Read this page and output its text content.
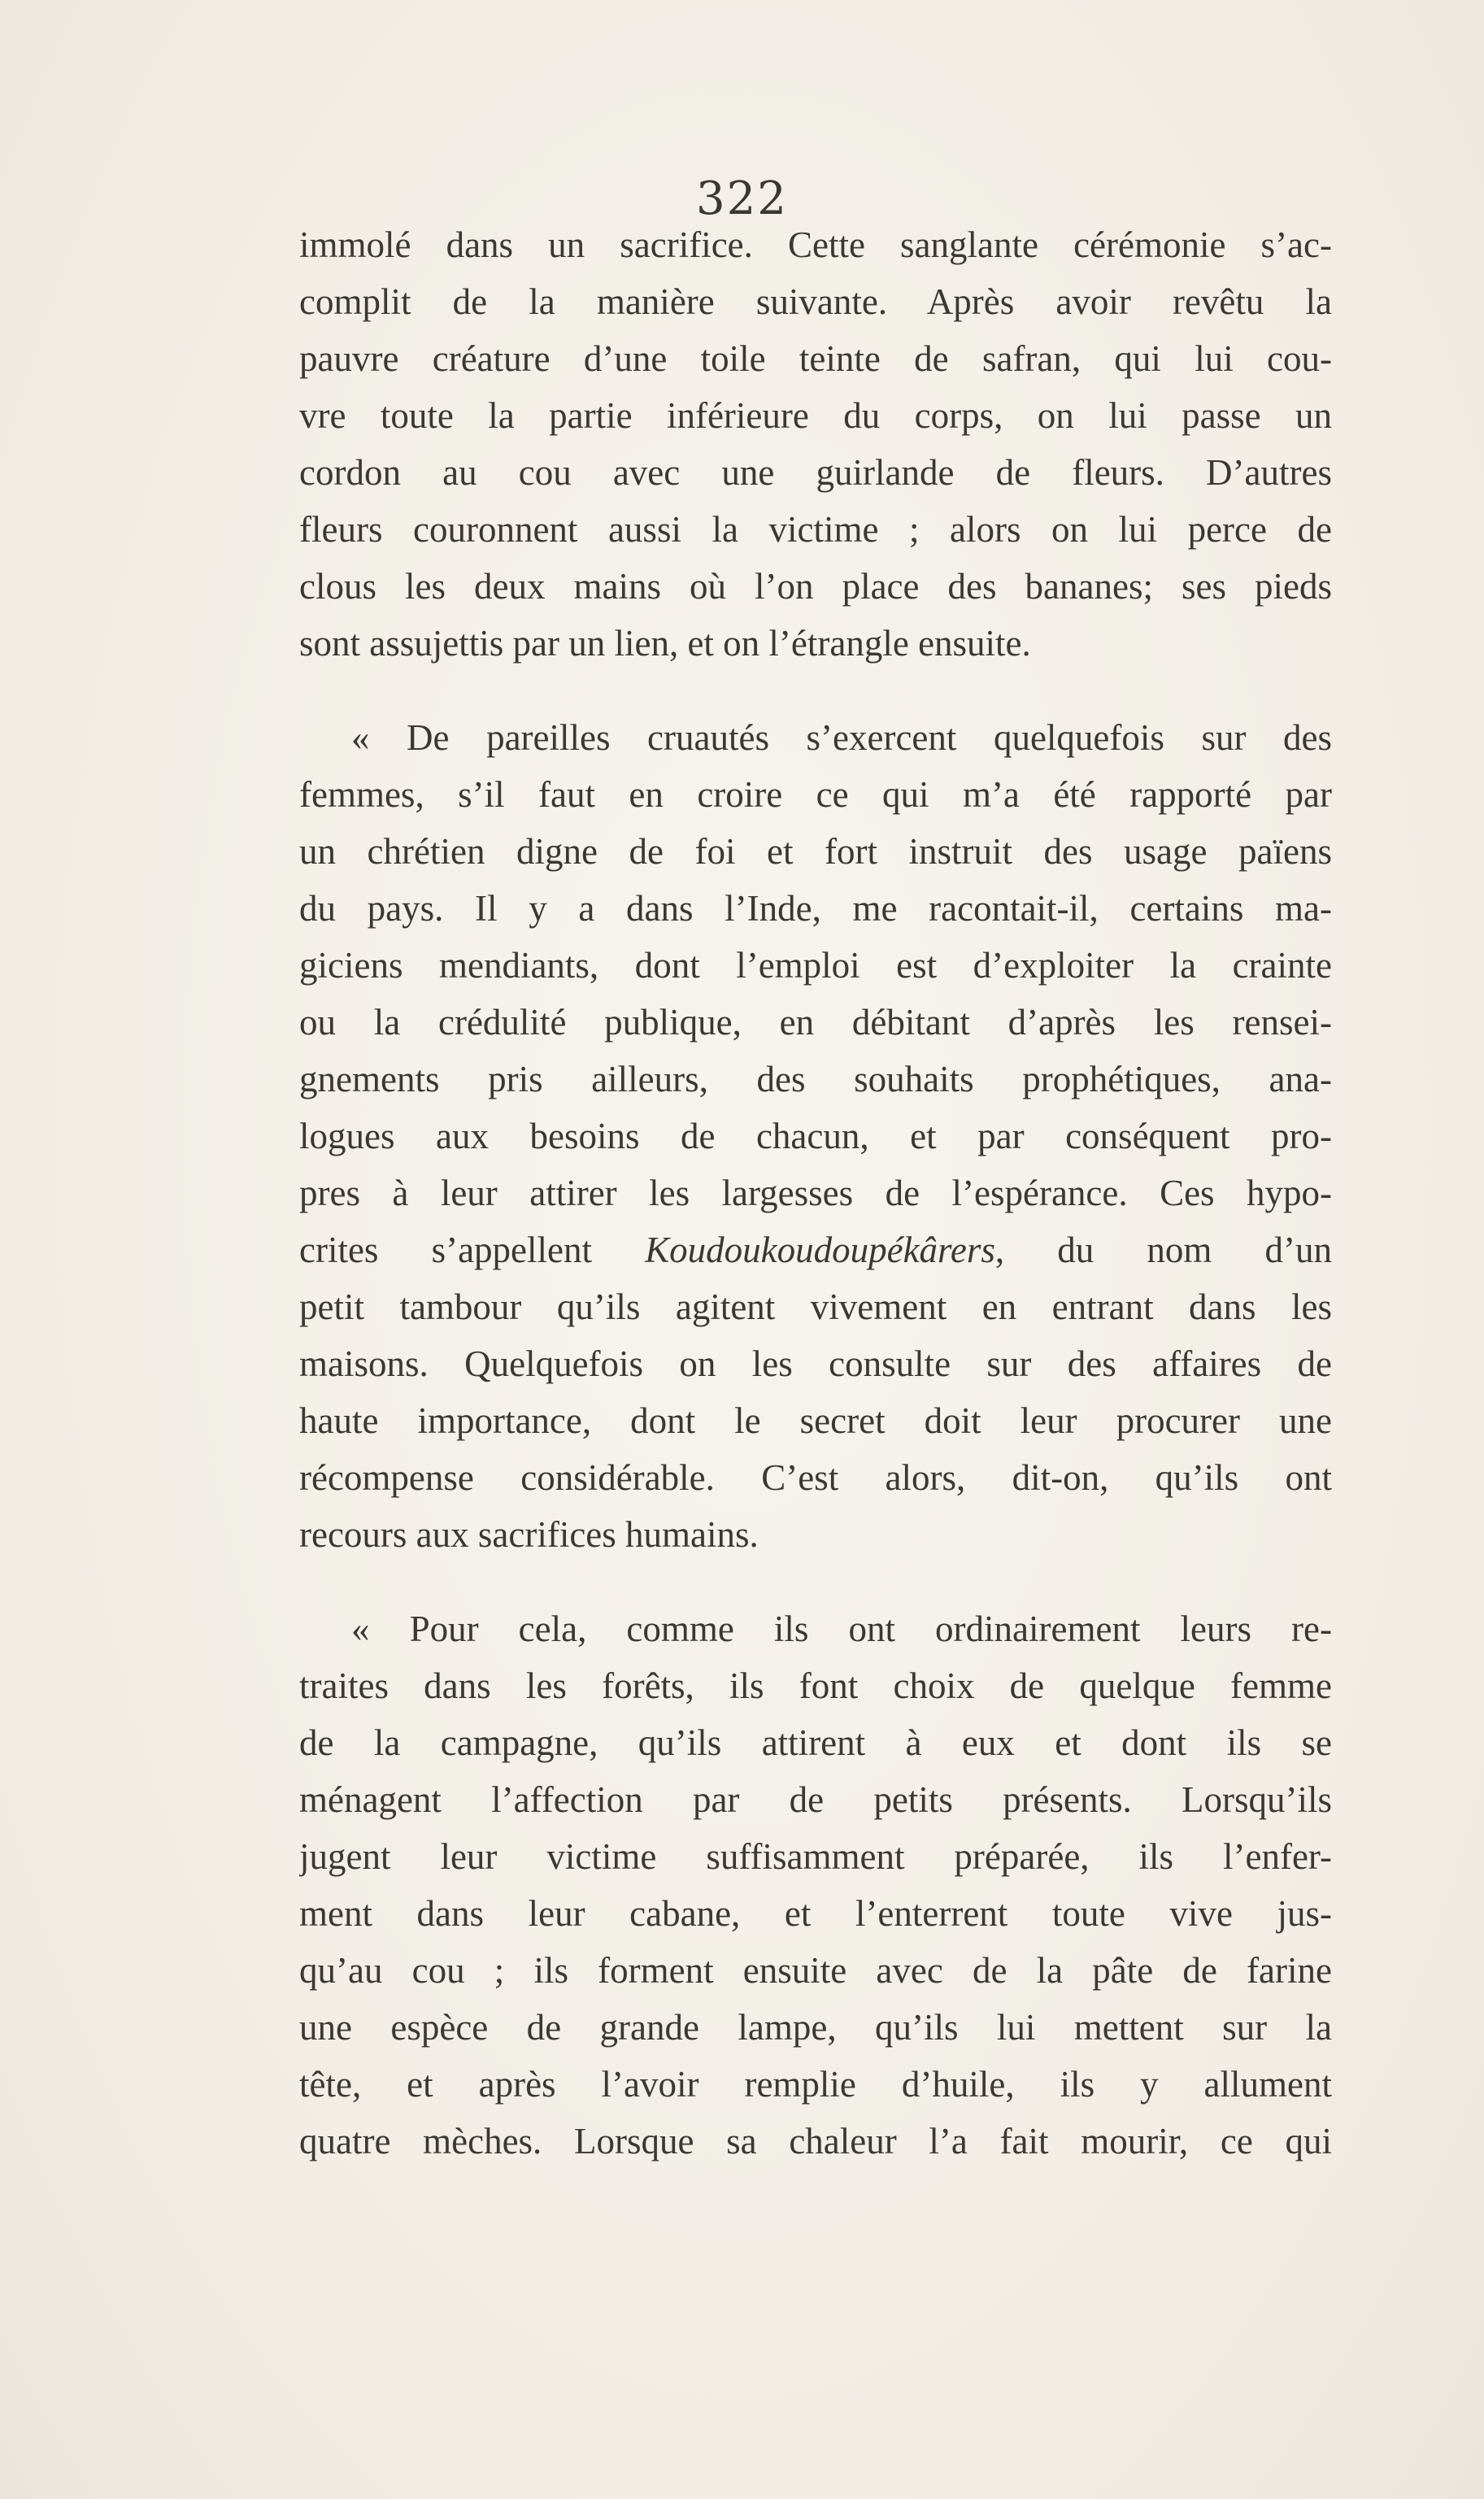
322
immolé dans un sacrifice. Cette sanglante cérémonie s’ac-
complit de la manière suivante. Après avoir revêtu la
pauvre créature d’une toile teinte de safran, qui lui cou-
vre toute la partie inférieure du corps, on lui passe un
cordon au cou avec une guirlande de fleurs. D’autres
fleurs couronnent aussi la victime ; alors on lui perce de
clous les deux mains où l’on place des bananes; ses pieds
sont assujettis par un lien, et on l’étrangle ensuite.
« De pareilles cruautés s’exercent quelquefois sur des
femmes, s’il faut en croire ce qui m’a été rapporté par
un chrétien digne de foi et fort instruit des usage païens
du pays. Il y a dans l’Inde, me racontait-il, certains ma-
giciens mendiants, dont l’emploi est d’exploiter la crainte
ou la crédulité publique, en débitant d’après les rensei-
gnements pris ailleurs, des souhaits prophétiques, ana-
logues aux besoins de chacun, et par conséquent pro-
pres à leur attirer les largesses de l’espérance. Ces hypo-
crites s’appellent Koudoukoudoupékârers, du nom d’un
petit tambour qu’ils agitent vivement en entrant dans les
maisons. Quelquefois on les consulte sur des affaires de
haute importance, dont le secret doit leur procurer une
récompense considérable. C’est alors, dit-on, qu’ils ont
recours aux sacrifices humains.
« Pour cela, comme ils ont ordinairement leurs re-
traites dans les forêts, ils font choix de quelque femme
de la campagne, qu’ils attirent à eux et dont ils se
ménagent l’affection par de petits présents. Lorsqu’ils
jugent leur victime suffisamment préparée, ils l’enfer-
ment dans leur cabane, et l’enterrent toute vive jus-
qu’au cou ; ils forment ensuite avec de la pâte de farine
une espèce de grande lampe, qu’ils lui mettent sur la
tête, et après l’avoir remplie d’huile, ils y allument
quatre mèches. Lorsque sa chaleur l’a fait mourir, ce qui
